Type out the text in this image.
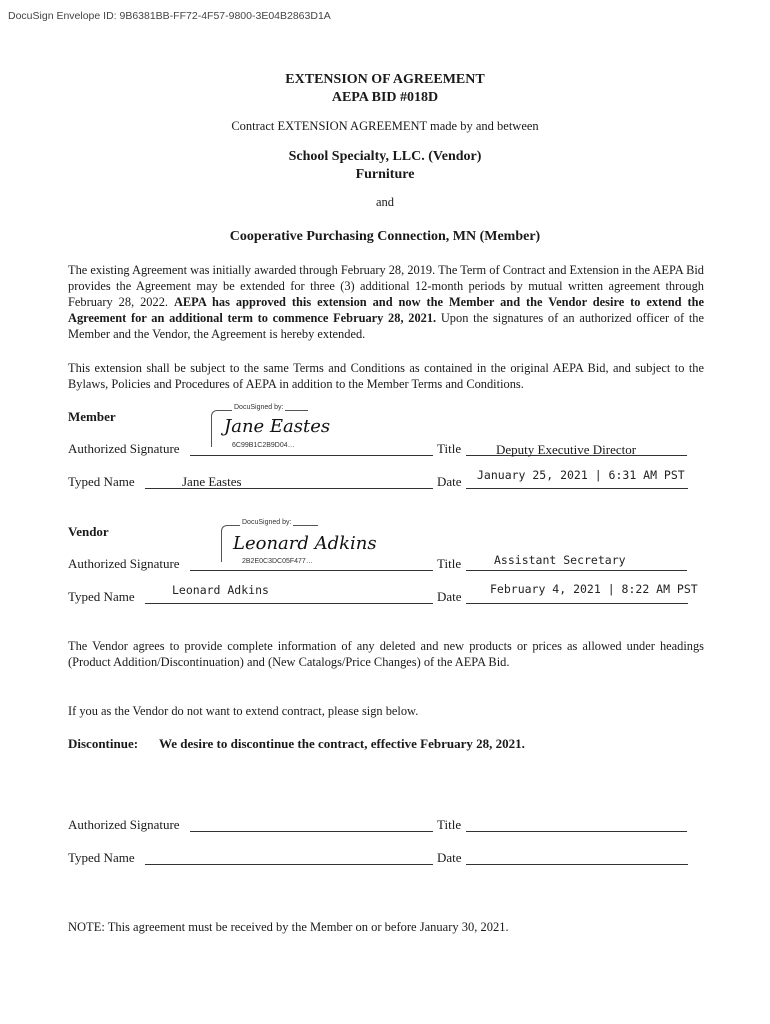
DocuSign Envelope ID: 9B6381BB-FF72-4F57-9800-3E04B2863D1A
EXTENSION OF AGREEMENT
AEPA BID #018D
Contract EXTENSION AGREEMENT made by and between
School Specialty, LLC. (Vendor)
Furniture
and
Cooperative Purchasing Connection, MN (Member)
The existing Agreement was initially awarded through February 28, 2019. The Term of Contract and Extension in the AEPA Bid provides the Agreement may be extended for three (3) additional 12-month periods by mutual written agreement through February 28, 2022. AEPA has approved this extension and now the Member and the Vendor desire to extend the Agreement for an additional term to commence February 28, 2021. Upon the signatures of an authorized officer of the Member and the Vendor, the Agreement is hereby extended.
This extension shall be subject to the same Terms and Conditions as contained in the original AEPA Bid, and subject to the Bylaws, Policies and Procedures of AEPA in addition to the Member Terms and Conditions.
Member
DocuSigned by:
Jane Eastes
6C99B1C2B9D04…
Authorized Signature	Title	Deputy Executive Director
Typed Name	Jane Eastes	Date January 25, 2021 | 6:31 AM PST
Vendor
DocuSigned by:
Leonard Adkins
2B2E0C3DC05F477…
Authorized Signature	Title	Assistant Secretary
Typed Name	Leonard Adkins	Date February 4, 2021 | 8:22 AM PST
The Vendor agrees to provide complete information of any deleted and new products or prices as allowed under headings (Product Addition/Discontinuation) and (New Catalogs/Price Changes) of the AEPA Bid.
If you as the Vendor do not want to extend contract, please sign below.
Discontinue: We desire to discontinue the contract, effective February 28, 2021.
Authorized Signature	Title
Typed Name	Date
NOTE: This agreement must be received by the Member on or before January 30, 2021.
